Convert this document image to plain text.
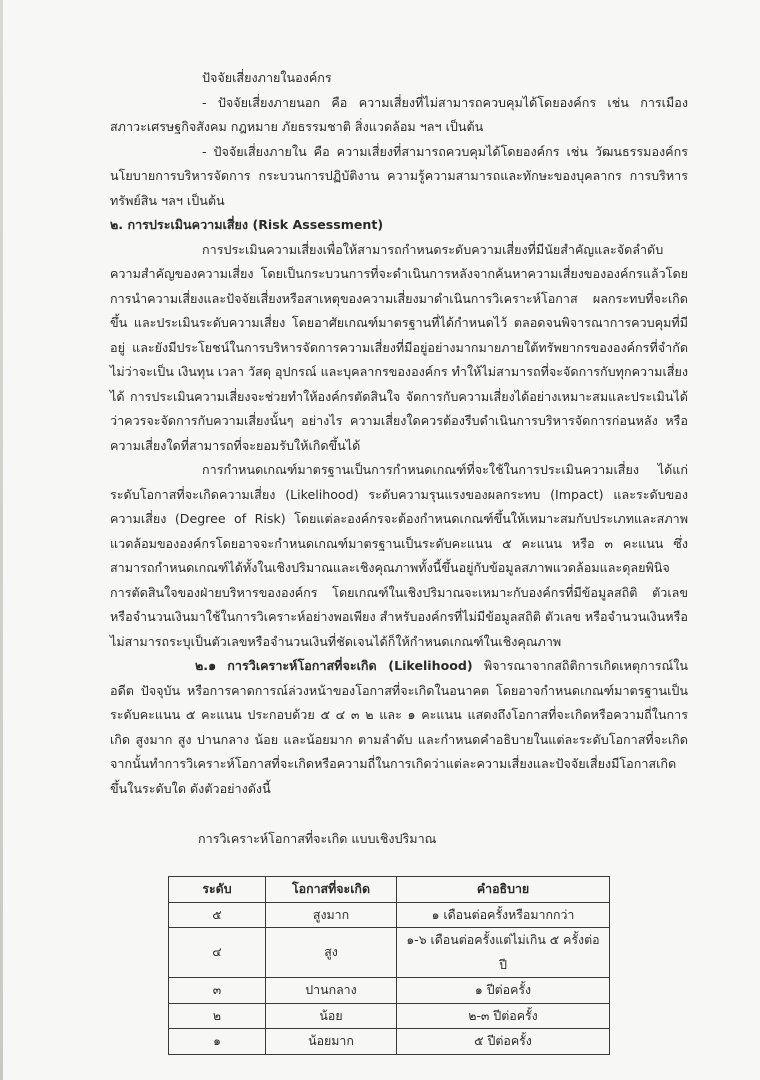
ปัจจัยเสี่ยงภายในองค์กร

- ปัจจัยเสี่ยงภายนอก คือ ความเสี่ยงที่ไม่สามารถควบคุมได้โดยองค์กร เช่น การเมือง สภาวะเศรษฐกิจสังคม กฎหมาย ภัยธรรมชาติ สิ่งแวดล้อม ฯลฯ เป็นต้น

- ปัจจัยเสี่ยงภายใน คือ ความเสี่ยงที่สามารถควบคุมได้โดยองค์กร เช่น วัฒนธรรมองค์กร นโยบายการบริหารจัดการ กระบวนการปฏิบัติงาน ความรู้ความสามารถและทักษะของบุคลากร การบริหารทรัพย์สิน ฯลฯ เป็นต้น

๒. การประเมินความเสี่ยง (Risk Assessment)

การประเมินความเสี่ยงเพื่อให้สามารถกำหนดระดับความเสี่ยงที่มีนัยสำคัญและจัดลำดับความสำคัญของความเสี่ยง โดยเป็นกระบวนการที่จะดำเนินการหลังจากค้นหาความเสี่ยงขององค์กรแล้วโดยการนำความเสี่ยงและปัจจัยเสี่ยงหรือสาเหตุของความเสี่ยงมาดำเนินการวิเคราะห์โอกาส ผลกระทบที่จะเกิดขึ้น และประเมินระดับความเสี่ยง โดยอาศัยเกณฑ์มาตรฐานที่ได้กำหนดไว้ ตลอดจนพิจารณาการควบคุมที่มีอยู่ และยังมีประโยชน์ในการบริหารจัดการความเสี่ยงที่มีอยู่อย่างมากมายภายใต้ทรัพยากรขององค์กรที่จำกัด ไม่ว่าจะเป็น เงินทุน เวลา วัสดุ อุปกรณ์ และบุคลากรขององค์กร ทำให้ไม่สามารถที่จะจัดการกับทุกความเสี่ยงได้ การประเมินความเสี่ยงจะช่วยทำให้องค์กรตัดสินใจ จัดการกับความเสี่ยงได้อย่างเหมาะสมและประเมินได้ว่าควรจะจัดการกับความเสี่ยงนั้นๆ อย่างไร ความเสี่ยงใดควรต้องรีบดำเนินการบริหารจัดการก่อนหลัง หรือความเสี่ยงใดที่สามารถที่จะยอมรับให้เกิดขึ้นได้

การกำหนดเกณฑ์มาตรฐานเป็นการกำหนดเกณฑ์ที่จะใช้ในการประเมินความเสี่ยง ได้แก่ ระดับโอกาสที่จะเกิดความเสี่ยง (Likelihood) ระดับความรุนแรงของผลกระทบ (Impact) และระดับของความเสี่ยง (Degree of Risk) โดยแต่ละองค์กรจะต้องกำหนดเกณฑ์ขึ้นให้เหมาะสมกับประเภทและสภาพแวดล้อมขององค์กรโดยอาจจะกำหนดเกณฑ์มาตรฐานเป็นระดับคะแนน ๕ คะแนน หรือ ๓ คะแนน ซึ่งสามารถกำหนดเกณฑ์ได้ทั้งในเชิงปริมาณและเชิงคุณภาพทั้งนี้ขึ้นอยู่กับข้อมูลสภาพแวดล้อมและดุลยพินิจการตัดสินใจของฝ่ายบริหารขององค์กร โดยเกณฑ์ในเชิงปริมาณจะเหมาะกับองค์กรที่มีข้อมูลสถิติ ตัวเลข หรือจำนวนเงินมาใช้ในการวิเคราะห์อย่างพอเพียง สำหรับองค์กรที่ไม่มีข้อมูลสถิติ ตัวเลข หรือจำนวนเงินหรือไม่สามารถระบุเป็นตัวเลขหรือจำนวนเงินที่ชัดเจนได้ก็ให้กำหนดเกณฑ์ในเชิงคุณภาพ

๒.๑ การวิเคราะห์โอกาสที่จะเกิด (Likelihood) พิจารณาจากสถิติการเกิดเหตุการณ์ในอดีต ปัจจุบัน หรือการคาดการณ์ล่วงหน้าของโอกาสที่จะเกิดในอนาคต โดยอาจกำหนดเกณฑ์มาตรฐานเป็นระดับคะแนน ๕ คะแนน ประกอบด้วย ๕ ๔ ๓ ๒ และ ๑ คะแนน แสดงถึงโอกาสที่จะเกิดหรือความถี่ในการเกิด สูงมาก สูง ปานกลาง น้อย และน้อยมาก ตามลำดับ และกำหนดคำอธิบายในแต่ละระดับโอกาสที่จะเกิด จากนั้นทำการวิเคราะห์โอกาสที่จะเกิดหรือความถี่ในการเกิดว่าแต่ละความเสี่ยงและปัจจัยเสี่ยงมีโอกาสเกิดขึ้นในระดับใด ดังตัวอย่างดังนี้

การวิเคราะห์โอกาสที่จะเกิด แบบเชิงปริมาณ

ระดับ	โอกาสที่จะเกิด	คำอธิบาย
๕	สูงมาก	๑ เดือนต่อครั้งหรือมากกว่า
๔	สูง	๑-๖ เดือนต่อครั้งแต่ไม่เกิน ๕ ครั้งต่อปี
๓	ปานกลาง	๑ ปีต่อครั้ง
๒	น้อย	๒-๓ ปีต่อครั้ง
๑	น้อยมาก	๕ ปีต่อครั้ง
